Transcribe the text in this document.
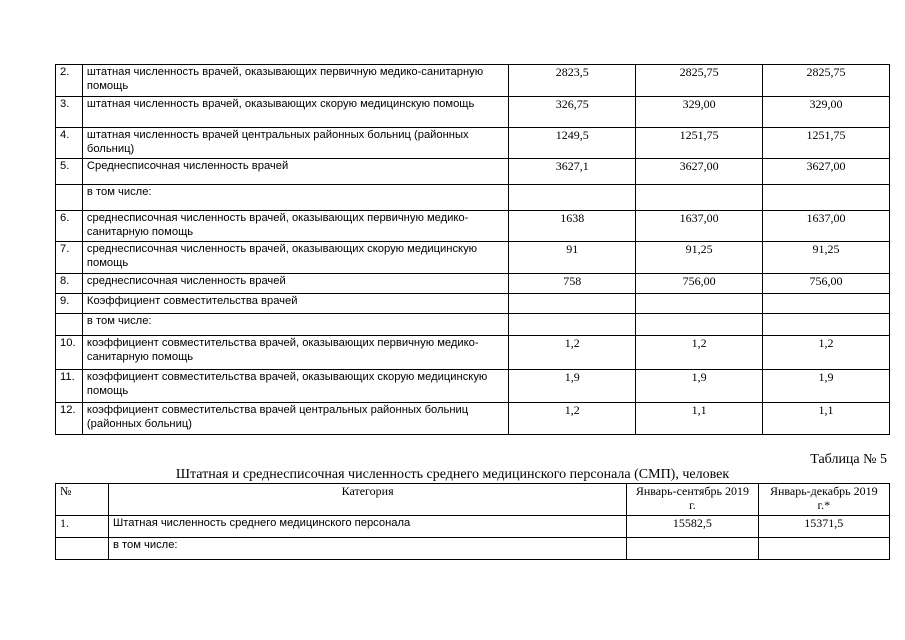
2.	штатная численность врачей, оказывающих первичную медико-санитарную помощь	2823,5	2825,75	2825,75
3.	штатная численность врачей, оказывающих скорую медицинскую помощь	326,75	329,00	329,00
4.	штатная численность врачей центральных районных больниц (районных больниц)	1249,5	1251,75	1251,75
5.	Среднесписочная численность врачей	3627,1	3627,00	3627,00
	в том числе:			
6.	среднесписочная численность врачей, оказывающих первичную медико-санитарную помощь	1638	1637,00	1637,00
7.	среднесписочная численность врачей, оказывающих скорую медицинскую помощь	91	91,25	91,25
8.	среднесписочная численность врачей	758	756,00	756,00
9.	Коэффициент совместительства врачей			
	в том числе:			
10.	коэффициент совместительства врачей, оказывающих первичную медико-санитарную помощь	1,2	1,2	1,2
11.	коэффициент совместительства врачей, оказывающих скорую медицинскую помощь	1,9	1,9	1,9
12.	коэффициент совместительства врачей центральных районных больниц (районных больниц)	1,2	1,1	1,1
Таблица № 5
Штатная и среднесписочная численность среднего медицинского персонала (СМП), человек
№	Категория	Январь-сентябрь 2019 г.	Январь-декабрь 2019 г.*
1.	Штатная численность среднего медицинского персонала	15582,5	15371,5
	в том числе:		
